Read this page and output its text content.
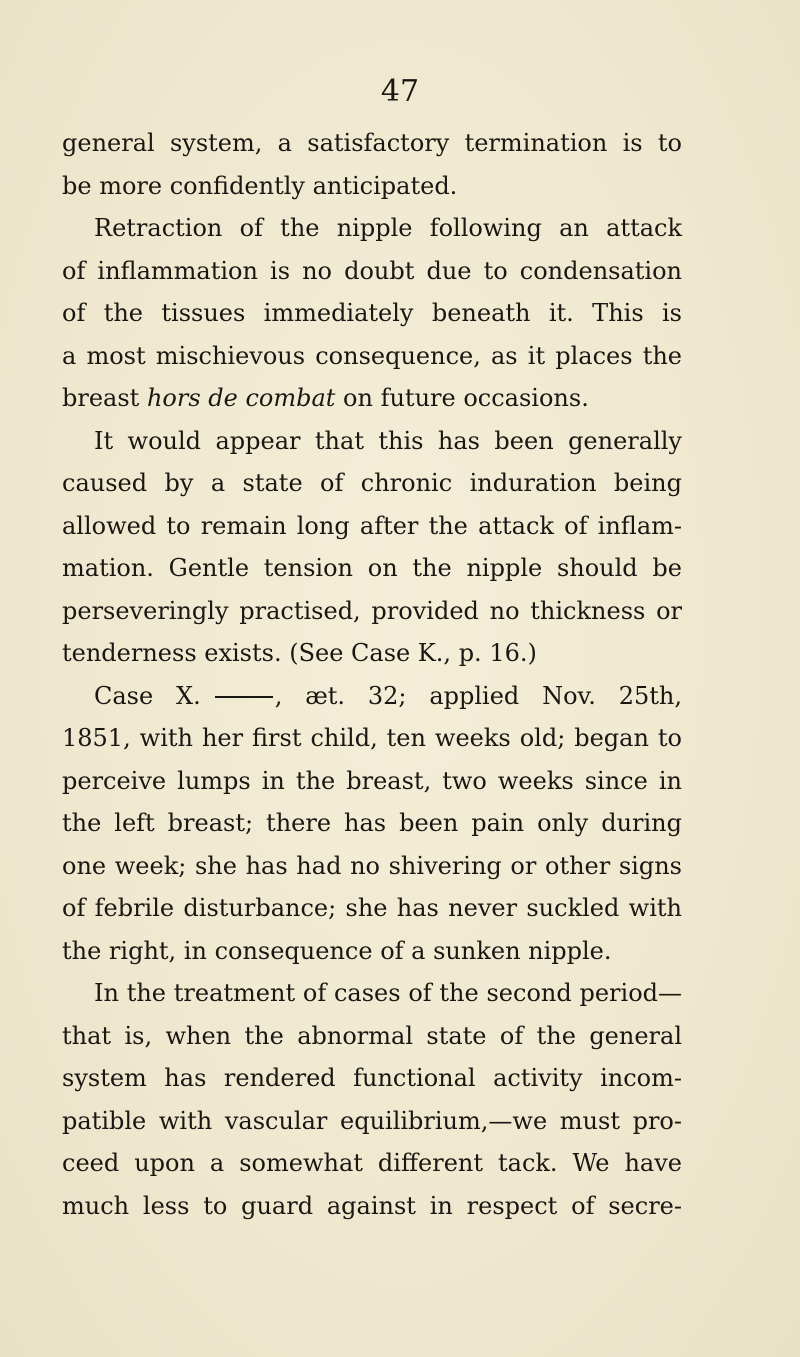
47
general system, a satisfactory termination is to
be more confidently anticipated.
Retraction of the nipple following an attack
of inflammation is no doubt due to condensation
of the tissues immediately beneath it. This is
a most mischievous consequence, as it places the
breast hors de combat on future occasions.
It would appear that this has been generally
caused by a state of chronic induration being
allowed to remain long after the attack of inflam-
mation. Gentle tension on the nipple should be
perseveringly practised, provided no thickness or
tenderness exists. (See Case K., p. 16.)
Case X.	, æt. 32; applied Nov. 25th,
1851, with her first child, ten weeks old; began to
perceive lumps in the breast, two weeks since in
the left breast; there has been pain only during
one week; she has had no shivering or other signs
of febrile disturbance; she has never suckled with
the right, in consequence of a sunken nipple.
In the treatment of cases of the second period—
that is, when the abnormal state of the general
system has rendered functional activity incom-
patible with vascular equilibrium,—we must pro-
ceed upon a somewhat different tack. We have
much less to guard against in respect of secre-
